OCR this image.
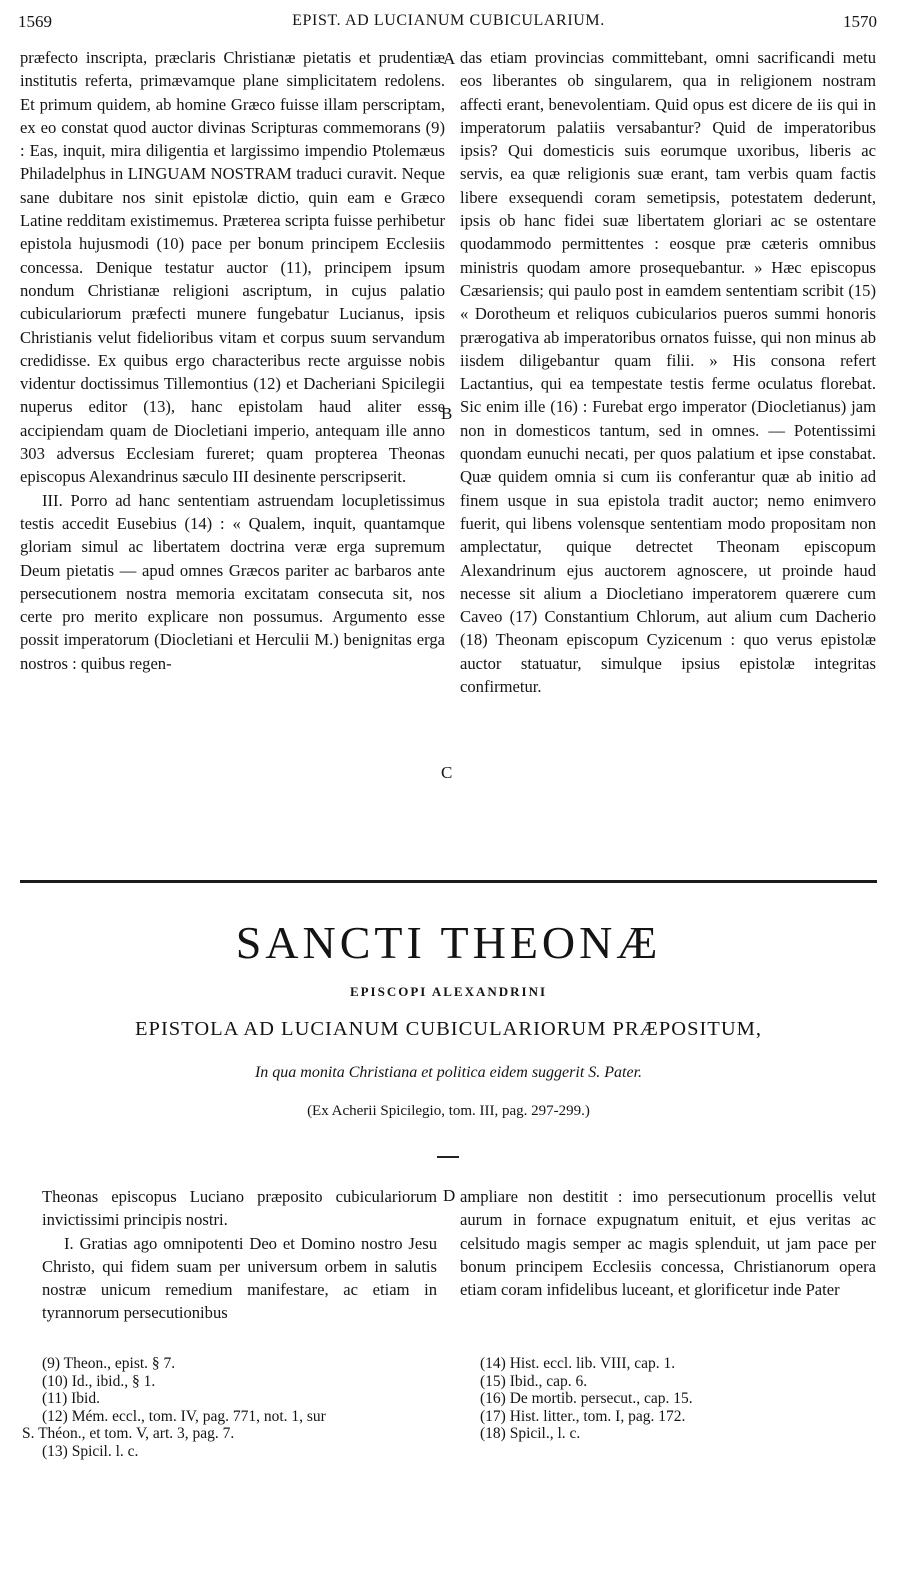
1569	EPIST. AD LUCIANUM CUBICULARIUM.	1570

præfecto inscripta, præclaris Christianæ pietatis et prudentiæ institutis referta, primævamque plane simplicitatem redolens. Et primum quidem, ab homine Græco fuisse illam perscriptam, ex eo constat quod auctor divinas Scripturas commemorans (9) : Eas, inquit, mira diligentia et largissimo impendio Ptolemæus Philadelphus in LINGUAM NOSTRAM traduci curavit. Neque sane dubitare nos sinit epistolæ dictio, quin eam e Græco Latine redditam existimemus. Præterea scripta fuisse perhibetur epistola hujusmodi (10) pace per bonum principem Ecclesiis concessa. Denique testatur auctor (11), principem ipsum nondum Christianæ religioni ascriptum, in cujus palatio cubiculariorum præfecti munere fungebatur Lucianus, ipsis Christianis velut fidelioribus vitam et corpus suum servandum credidisse. Ex quibus ergo characteribus recte arguisse nobis videntur doctissimus Tillemontius (12) et Dacheriani Spicilegii nuperus editor (13), hanc epistolam haud aliter esse accipiendam quam de Diocletiani imperio, antequam ille anno 303 adversus Ecclesiam fureret; quam propterea Theonas episcopus Alexandrinus sæculo III desinente perscripserit.

III. Porro ad hanc sententiam astruendam locupletissimus testis accedit Eusebius (14) : « Qualem, inquit, quantamque gloriam simul ac libertatem doctrina veræ erga supremum Deum pietatis — apud omnes Græcos pariter ac barbaros ante persecutionem nostra memoria excitatam consecuta sit, nos certe pro merito explicare non possumus. Argumento esse possit imperatorum (Diocletiani et Herculii M.) benignitas erga nostros : quibus regen-

A
B
C

das etiam provincias committebant, omni sacrificandi metu eos liberantes ob singularem, qua in religionem nostram affecti erant, benevolentiam. Quid opus est dicere de iis qui in imperatorum palatiis versabantur? Quid de imperatoribus ipsis? Qui domesticis suis eorumque uxoribus, liberis ac servis, ea quæ religionis suæ erant, tam verbis quam factis libere exsequendi coram semetipsis, potestatem dederunt, ipsis ob hanc fidei suæ libertatem gloriari ac se ostentare quodammodo permittentes : eosque præ cæteris omnibus ministris quodam amore prosequebantur. » Hæc episcopus Cæsariensis; qui paulo post in eamdem sententiam scribit (15) « Dorotheum et reliquos cubicularios pueros summi honoris prærogativa ab imperatoribus ornatos fuisse, qui non minus ab iisdem diligebantur quam filii. » His consona refert Lactantius, qui ea tempestate testis ferme oculatus florebat. Sic enim ille (16) : Furebat ergo imperator (Diocletianus) jam non in domesticos tantum, sed in omnes. — Potentissimi quondam eunuchi necati, per quos palatium et ipse constabat. Quæ quidem omnia si cum iis conferantur quæ ab initio ad finem usque in sua epistola tradit auctor; nemo enimvero fuerit, qui libens volensque sententiam modo propositam non amplectatur, quique detrectet Theonam episcopum Alexandrinum ejus auctorem agnoscere, ut proinde haud necesse sit alium a Diocletiano imperatorem quærere cum Caveo (17) Constantium Chlorum, aut alium cum Dacherio (18) Theonam episcopum Cyzicenum : quo verus epistolæ auctor statuatur, simulque ipsius epistolæ integritas confirmetur.

SANCTI THEONÆ
EPISCOPI ALEXANDRINI
EPISTOLA AD LUCIANUM CUBICULARIORUM PRÆPOSITUM,
In qua monita Christiana et politica eidem suggerit S. Pater.
(Ex Acherii Spicilegio, tom. III, pag. 297-299.)

Theonas episcopus Luciano præposito cubiculariorum invictissimi principis nostri.

I. Gratias ago omnipotenti Deo et Domino nostro Jesu Christo, qui fidem suam per universum orbem in salutis nostræ unicum remedium manifestare, ac etiam in tyrannorum persecutionibus

D ampliare non destitit : imo persecutionum procellis velut aurum in fornace expugnatum enituit, et ejus veritas ac celsitudo magis semper ac magis splenduit, ut jam pace per bonum principem Ecclesiis concessa, Christianorum opera etiam coram infidelibus luceant, et glorificetur inde Pater

(9) Theon., epist. § 7.
(10) Id., ibid., § 1.
(11) Ibid.
(12) Mém. eccl., tom. IV, pag. 771, not. 1, sur
S. Théon., et tom. V, art. 3, pag. 7.
(13) Spicil. l. c.
(14) Hist. eccl. lib. VIII, cap. 1.
(15) Ibid., cap. 6.
(16) De mortib. persecut., cap. 15.
(17) Hist. litter., tom. I, pag. 172.
(18) Spicil., l. c.
